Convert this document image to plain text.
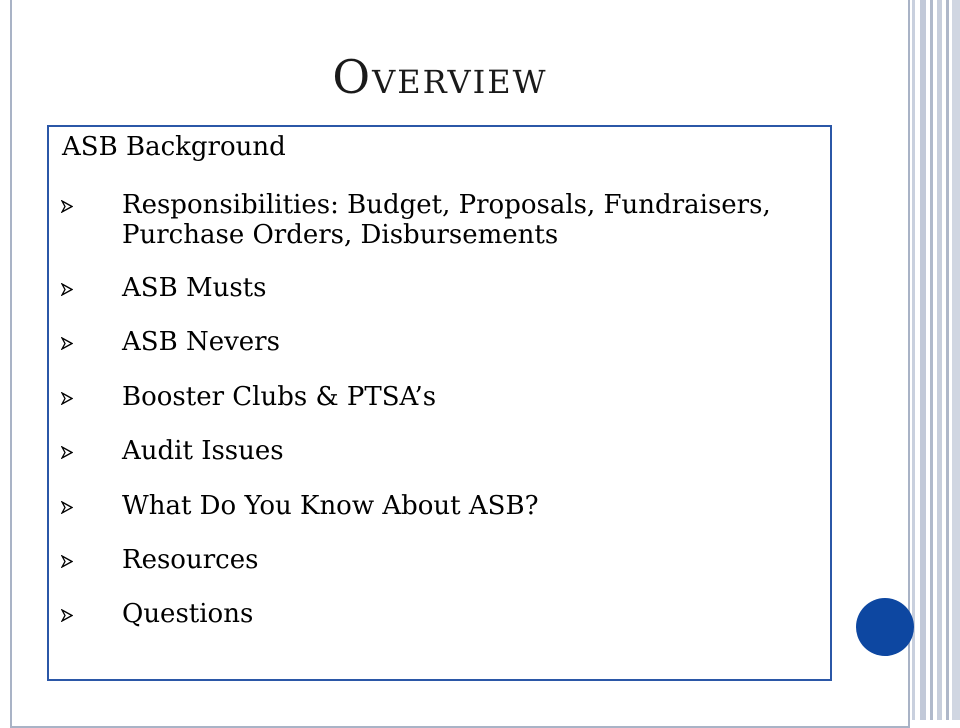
Overview
ASB Background
Responsibilities: Budget, Proposals, Fundraisers, Purchase Orders, Disbursements
ASB Musts
ASB Nevers
Booster Clubs & PTSA’s
Audit Issues
What Do You Know About ASB?
Resources
Questions
